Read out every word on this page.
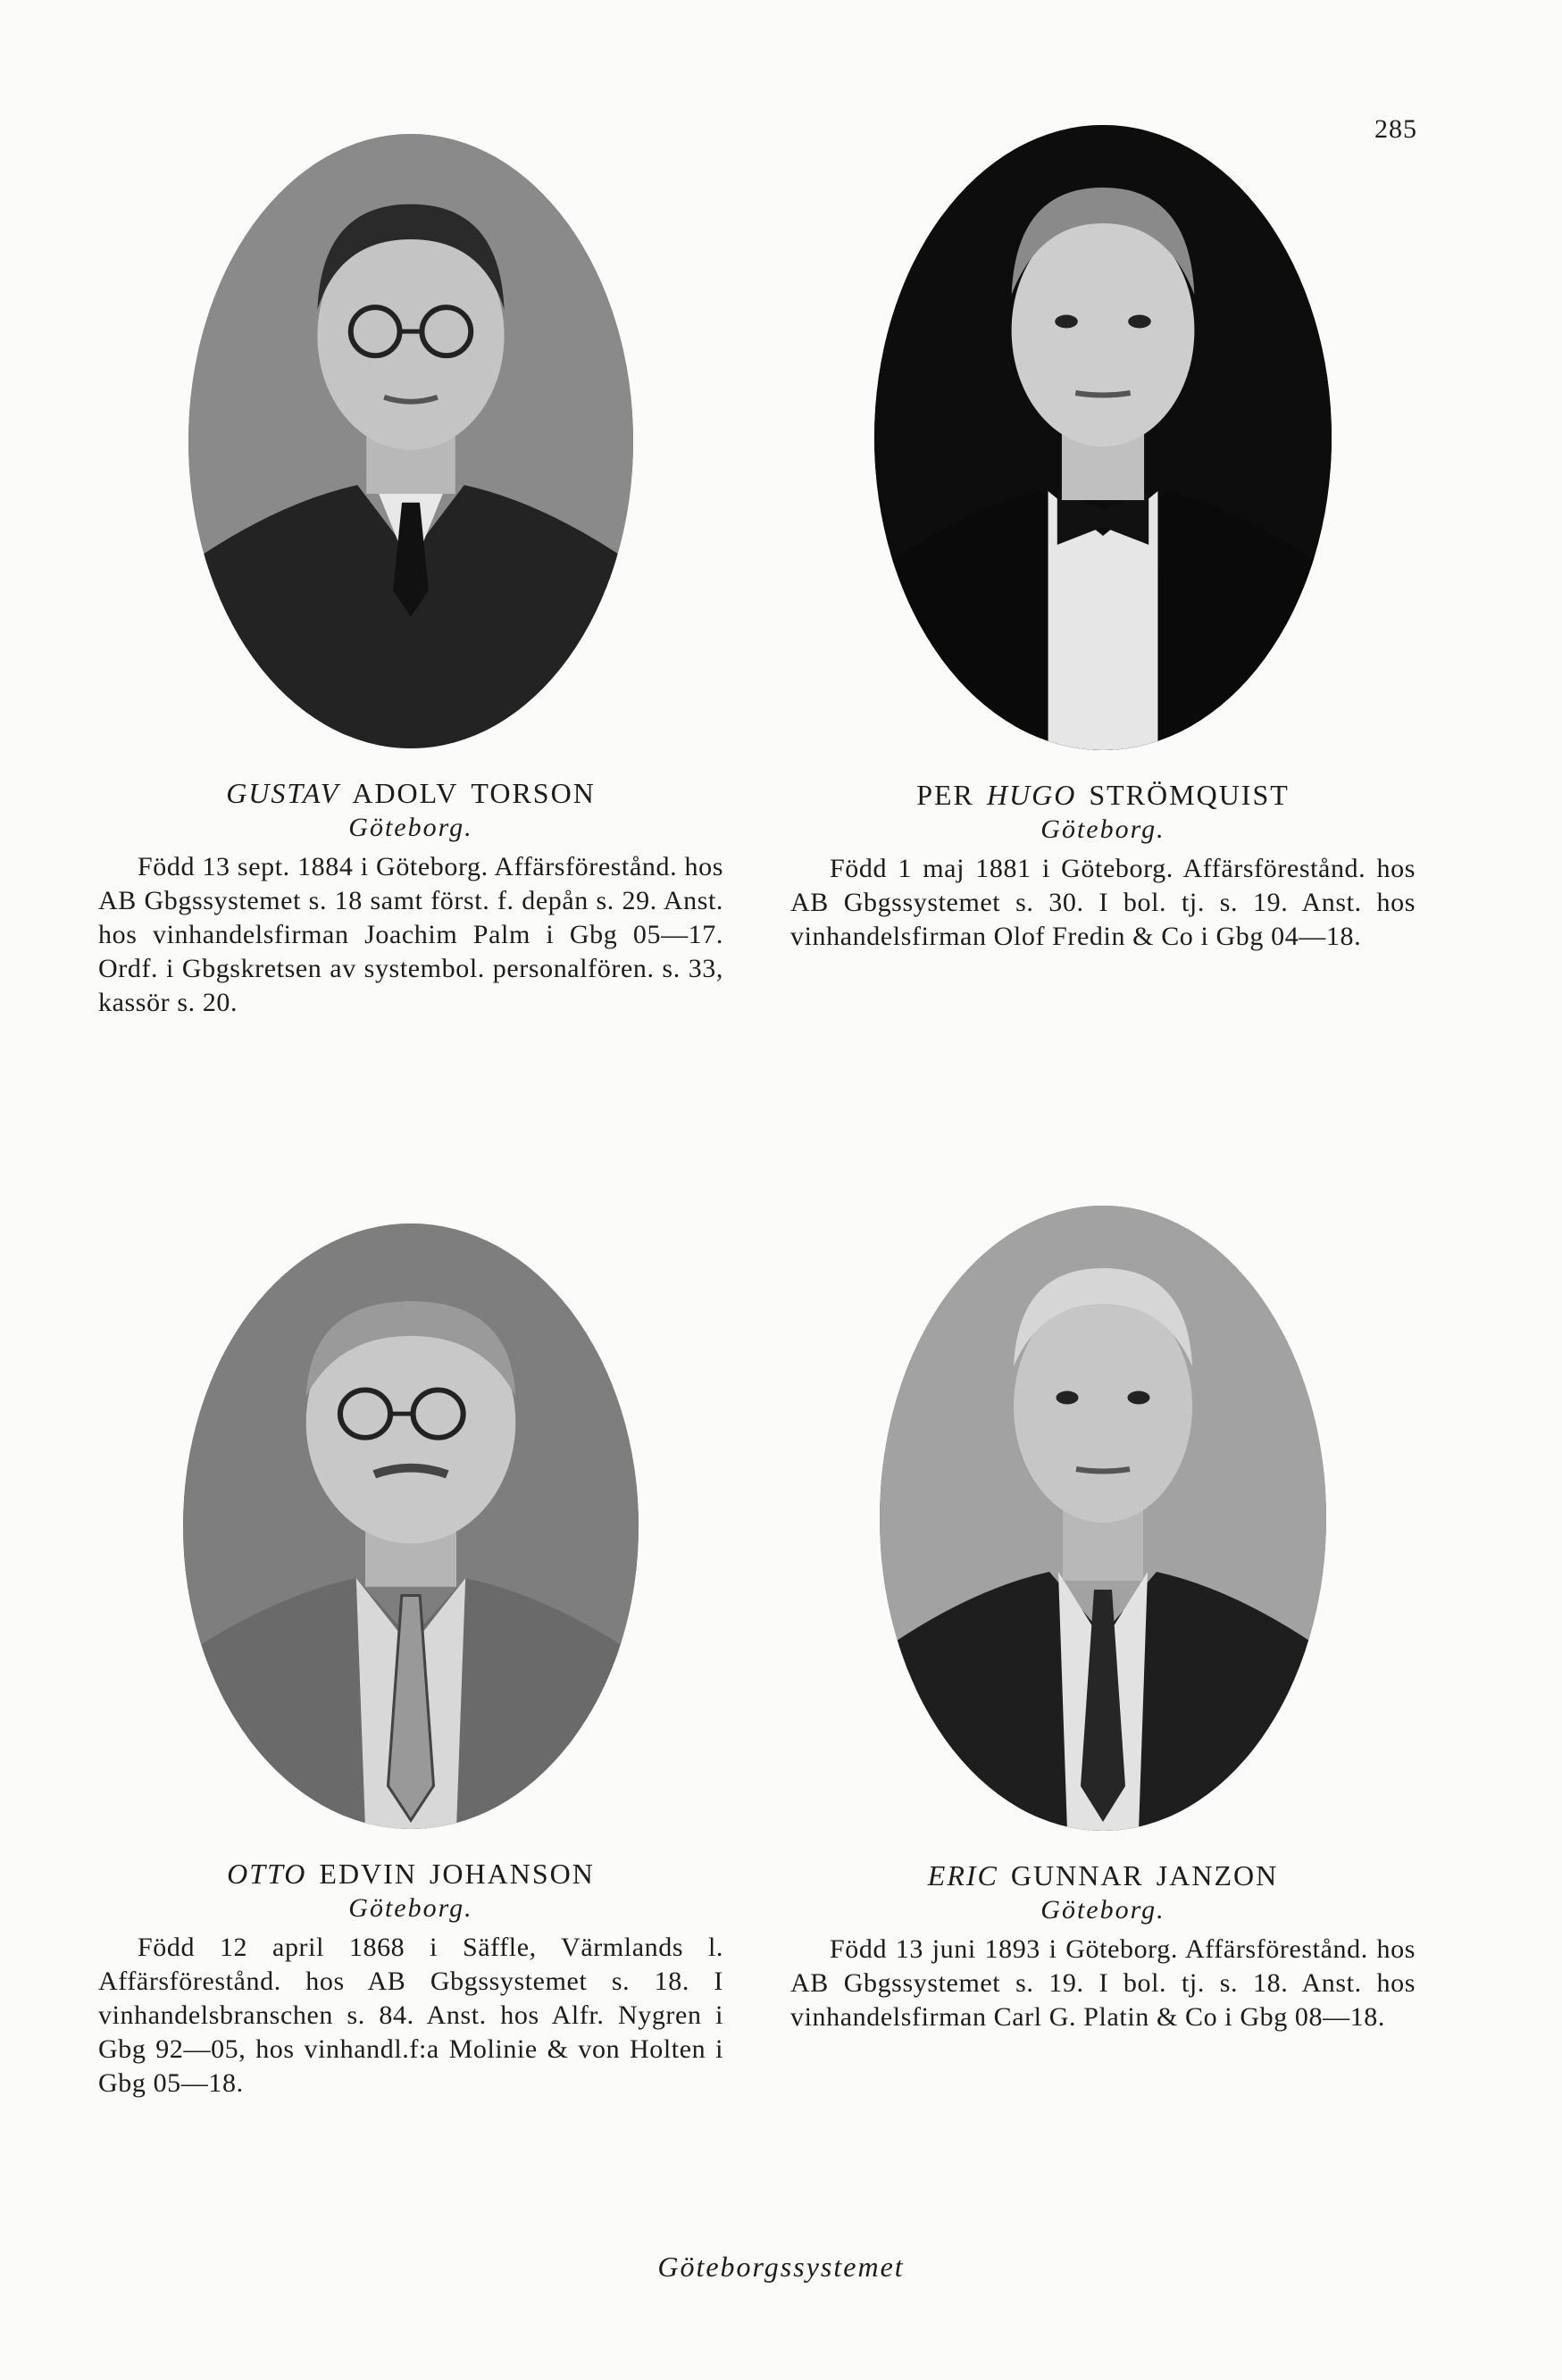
285
GUSTAV ADOLV TORSON
Göteborg.
Född 13 sept. 1884 i Göteborg. Affärsförestånd. hos AB Gbgssystemet s. 18 samt först. f. depån s. 29. Anst. hos vinhandelsfirman Joachim Palm i Gbg 05—17. Ordf. i Gbgskretsen av systembol. personalfören. s. 33, kassör s. 20.
PER HUGO STRÖMQUIST
Göteborg.
Född 1 maj 1881 i Göteborg. Affärsförestånd. hos AB Gbgssystemet s. 30. I bol. tj. s. 19. Anst. hos vinhandelsfirman Olof Fredin & Co i Gbg 04—18.
OTTO EDVIN JOHANSON
Göteborg.
Född 12 april 1868 i Säffle, Värmlands l. Affärsförestånd. hos AB Gbgssystemet s. 18. I vinhandelsbranschen s. 84. Anst. hos Alfr. Nygren i Gbg 92—05, hos vinhandl.f:a Molinie & von Holten i Gbg 05—18.
ERIC GUNNAR JANZON
Göteborg.
Född 13 juni 1893 i Göteborg. Affärsförestånd. hos AB Gbgssystemet s. 19. I bol. tj. s. 18. Anst. hos vinhandelsfirman Carl G. Platin & Co i Gbg 08—18.
Göteborgssystemet
